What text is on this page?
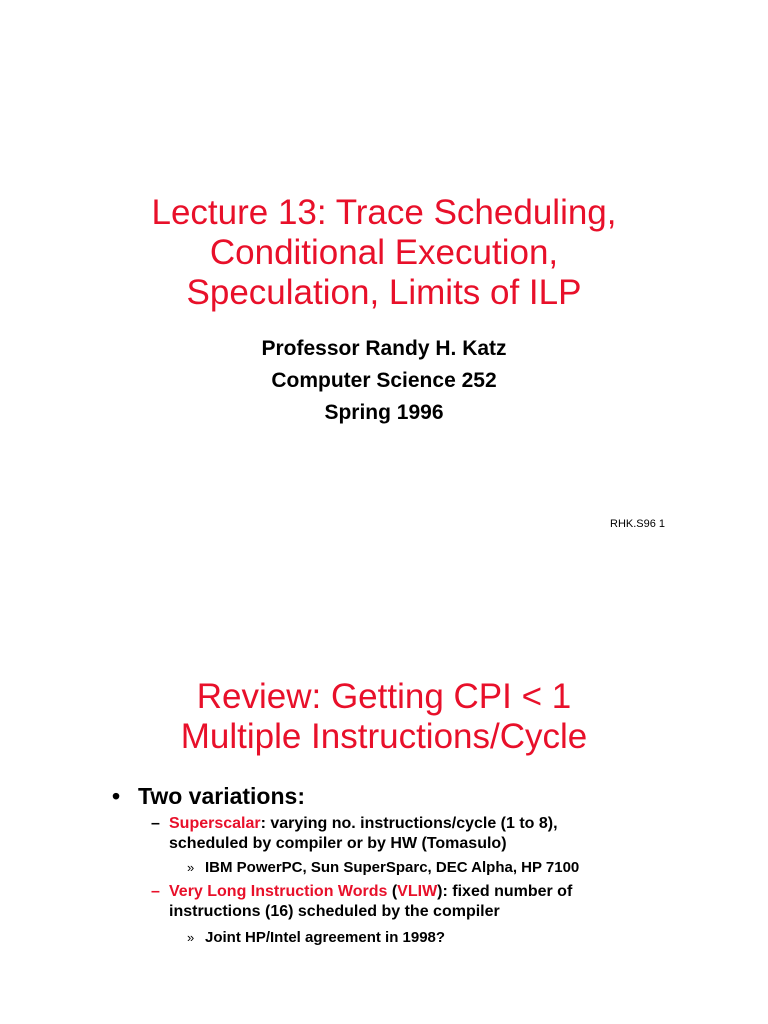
Lecture 13: Trace Scheduling,
Conditional Execution,
Speculation, Limits of ILP
Professor Randy H. Katz
Computer Science 252
Spring 1996
RHK.S96 1
Review: Getting CPI < 1
Multiple Instructions/Cycle
• Two variations:
– Superscalar: varying no. instructions/cycle (1 to 8),
scheduled by compiler or by HW (Tomasulo)
» IBM PowerPC, Sun SuperSparc, DEC Alpha, HP 7100
– Very Long Instruction Words (VLIW): fixed number of
instructions (16) scheduled by the compiler
» Joint HP/Intel agreement in 1998?
